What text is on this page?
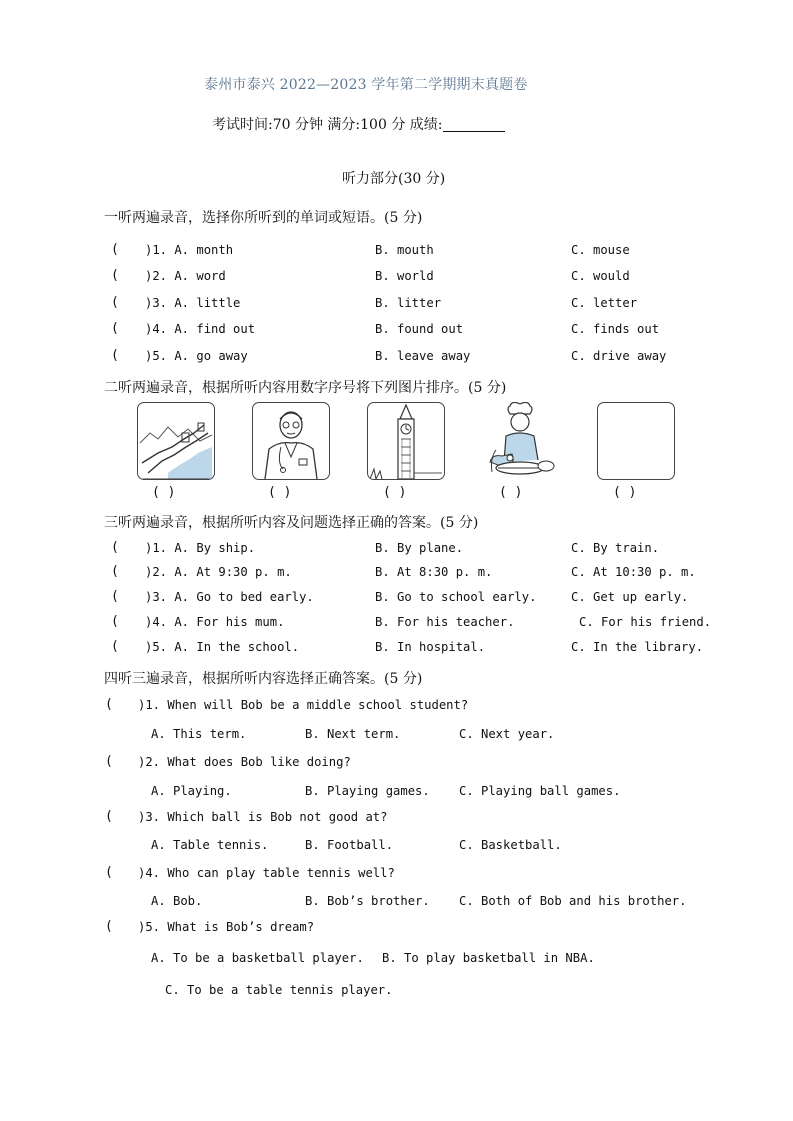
泰州市泰兴 2022—2023 学年第二学期期末真题卷
考试时间:70 分钟 满分:100 分 成绩:
听力部分(30 分)
一听两遍录音，选择你所听到的单词或短语。(5 分)
( )1. A. month	B. mouth	C. mouse
( )2. A. word	B. world	C. would
( )3. A. little	B. litter	C. letter
( )4. A. find out	B. found out	C. finds out
( )5. A. go away	B. leave away	C. drive away
二听两遍录音，根据所听内容用数字序号将下列图片排序。(5 分)
( )	( )	( )	( )	( )
三听两遍录音，根据所听内容及问题选择正确的答案。(5 分)
( )1. A. By ship.	B. By plane.	C. By train.
( )2. A. At 9:30 p. m.	B. At 8:30 p. m.	C. At 10:30 p. m.
( )3. A. Go to bed early.	B. Go to school early.	C. Get up early.
( )4. A. For his mum.	B. For his teacher.	C. For his friend.
( )5. A. In the school.	B. In hospital.	C. In the library.
四听三遍录音，根据所听内容选择正确答案。(5 分)
( )1. When will Bob be a middle school student?
A. This term.	B. Next term.	C. Next year.
( )2. What does Bob like doing?
A. Playing.	B. Playing games. C. Playing ball games.
( )3. Which ball is Bob not good at?
A. Table tennis.	B. Football.	C. Basketball.
( )4. Who can play table tennis well?
A. Bob.	B. Bob’s brother. C. Both of Bob and his brother.
( )5. What is Bob’s dream?
A. To be a basketball player. B. To play basketball in NBA.
C. To be a table tennis player.
